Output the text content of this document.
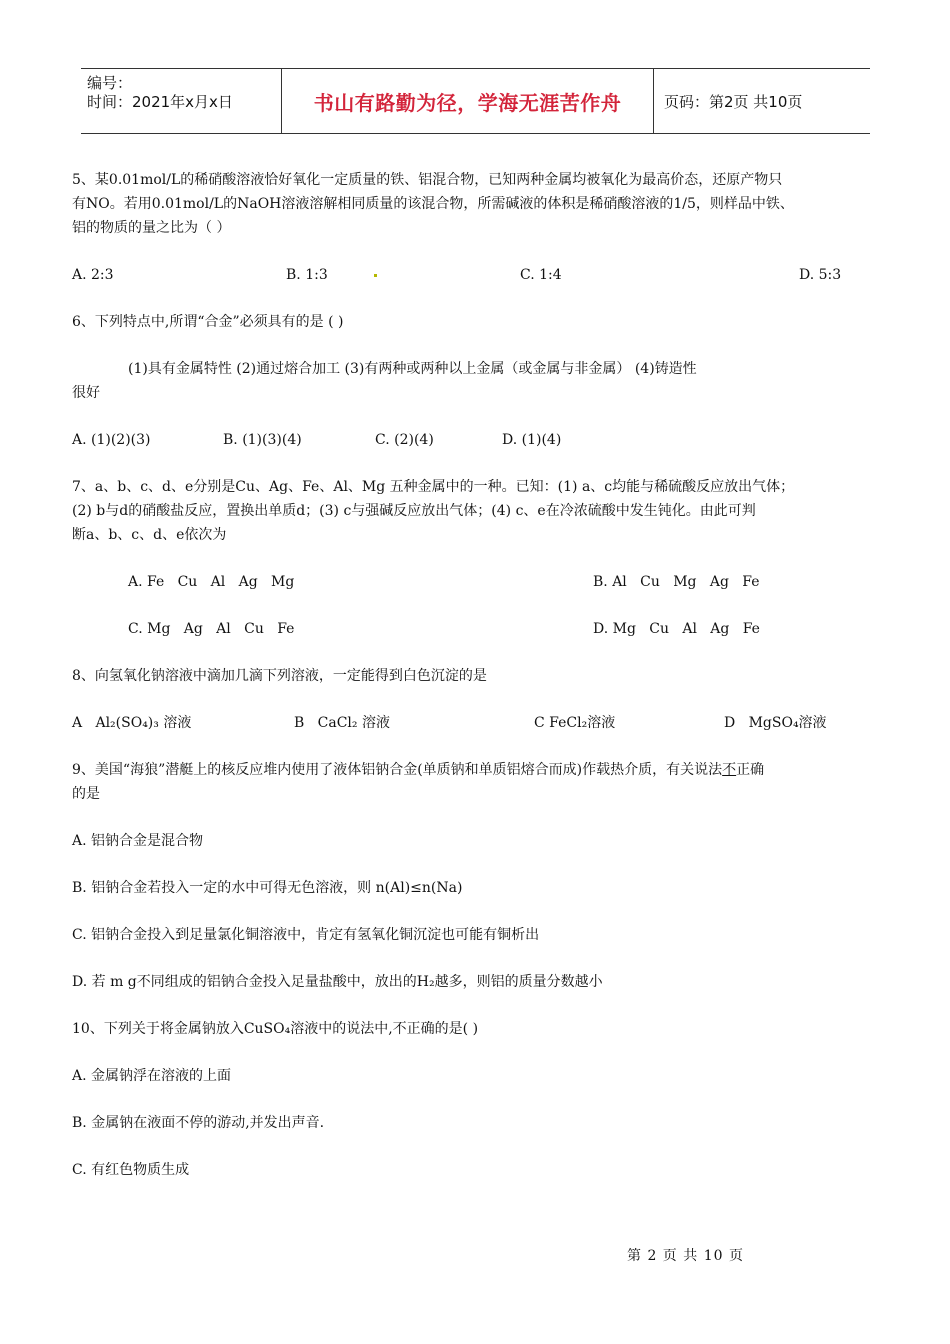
编号：
时间：2021年x月x日	书山有路勤为径，学海无涯苦作舟	页码：第2页 共10页
5、某0.01mol/L的稀硝酸溶液恰好氧化一定质量的铁、铝混合物，已知两种金属均被氧化为最高价态，还原产物只
有NO。若用0.01mol/L的NaOH溶液溶解相同质量的该混合物，所需碱液的体积是稀硝酸溶液的1/5，则样品中铁、
铝的物质的量之比为（ ）
A. 2:3	B. 1:3	C. 1:4	D. 5:3
6、下列特点中,所谓“合金”必须具有的是 ( )
(1)具有金属特性 (2)通过熔合加工 (3)有两种或两种以上金属（或金属与非金属） (4)铸造性
很好
A. (1)(2)(3)	B. (1)(3)(4)	C. (2)(4)	D. (1)(4)
7、a、b、c、d、e分别是Cu、Ag、Fe、Al、Mg 五种金属中的一种。已知：(1) a、c均能与稀硫酸反应放出气体；
(2) b与d的硝酸盐反应，置换出单质d；(3) c与强碱反应放出气体；(4) c、e在冷浓硫酸中发生钝化。由此可判
断a、b、c、d、e依次为
A. Fe   Cu   Al   Ag   Mg	B. Al   Cu   Mg   Ag   Fe
C. Mg   Ag   Al   Cu   Fe	D. Mg   Cu   Al   Ag   Fe
8、向氢氧化钠溶液中滴加几滴下列溶液，一定能得到白色沉淀的是
A   Al₂(SO₄)₃ 溶液	B   CaCl₂ 溶液	C FeCl₂溶液	D   MgSO₄溶液
9、美国“海狼”潜艇上的核反应堆内使用了液体铝钠合金(单质钠和单质铝熔合而成)作载热介质，有关说法不正确
的是
A. 铝钠合金是混合物
B. 铝钠合金若投入一定的水中可得无色溶液，则 n(Al)≤n(Na)
C. 铝钠合金投入到足量氯化铜溶液中，肯定有氢氧化铜沉淀也可能有铜析出
D. 若 m g不同组成的铝钠合金投入足量盐酸中，放出的H₂越多，则铝的质量分数越小
10、下列关于将金属钠放入CuSO₄溶液中的说法中,不正确的是( )
A. 金属钠浮在溶液的上面
B. 金属钠在液面不停的游动,并发出声音.
C. 有红色物质生成
第 2 页 共 10 页
